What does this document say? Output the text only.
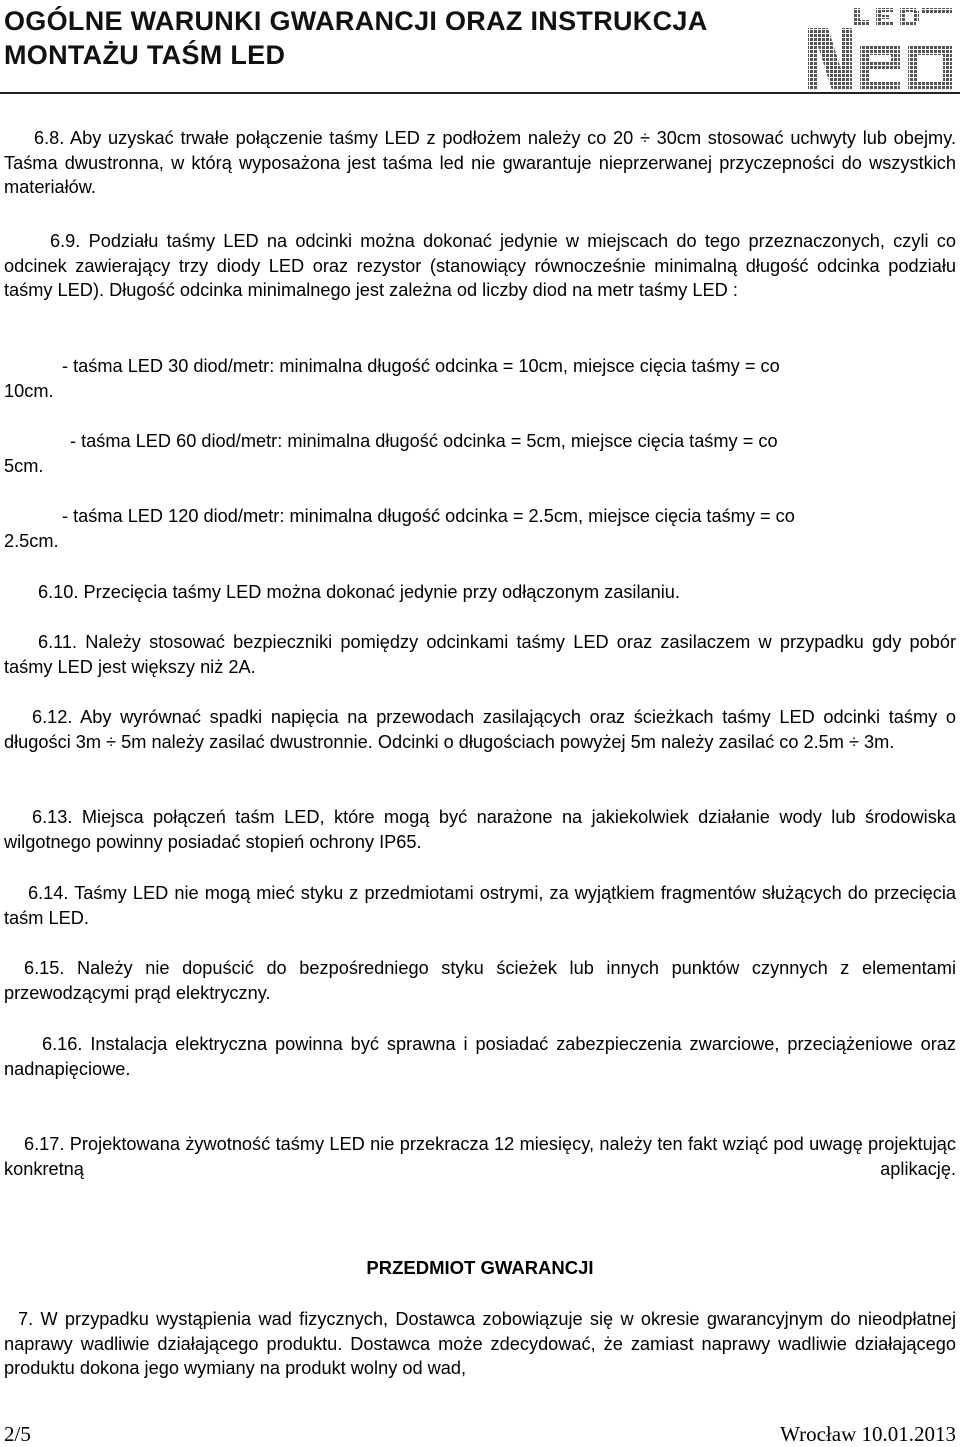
OGÓLNE WARUNKI GWARANCJI ORAZ INSTRUKCJA
MONTAŻU TAŚM LED
6.8. Aby uzyskać trwałe połączenie taśmy LED z podłożem należy co 20 ÷ 30cm stosować uchwyty lub obejmy. Taśma dwustronna, w którą wyposażona jest taśma led nie gwarantuje nieprzerwanej przyczepności do wszystkich materiałów.
6.9. Podziału taśmy LED na odcinki można dokonać jedynie w miejscach do tego przeznaczonych, czyli co odcinek zawierający trzy diody LED oraz rezystor (stanowiący równocześnie minimalną długość odcinka podziału taśmy LED). Długość odcinka minimalnego jest zależna od liczby diod na metr taśmy LED :
- taśma LED 30 diod/metr: minimalna długość odcinka = 10cm, miejsce cięcia taśmy = co
10cm.
- taśma LED 60 diod/metr: minimalna długość odcinka = 5cm, miejsce cięcia taśmy = co
5cm.
- taśma LED 120 diod/metr: minimalna długość odcinka = 2.5cm, miejsce cięcia taśmy = co
2.5cm.
6.10. Przecięcia taśmy LED można dokonać jedynie przy odłączonym zasilaniu.
6.11. Należy stosować bezpieczniki pomiędzy odcinkami taśmy LED oraz zasilaczem w przypadku gdy pobór taśmy LED jest większy niż 2A.
6.12. Aby wyrównać spadki napięcia na przewodach zasilających oraz ścieżkach taśmy LED odcinki taśmy o długości 3m ÷ 5m należy zasilać dwustronnie. Odcinki o długościach powyżej 5m należy zasilać co 2.5m ÷ 3m.
6.13. Miejsca połączeń taśm LED, które mogą być narażone na jakiekolwiek działanie wody lub środowiska wilgotnego powinny posiadać stopień ochrony IP65.
6.14. Taśmy LED nie mogą mieć styku z przedmiotami ostrymi, za wyjątkiem fragmentów służących do przecięcia taśm LED.
6.15. Należy nie dopuścić do bezpośredniego styku ścieżek lub innych punktów czynnych z elementami przewodzącymi prąd elektryczny.
6.16. Instalacja elektryczna powinna być sprawna i posiadać zabezpieczenia zwarciowe, przeciążeniowe oraz nadnapięciowe.
6.17. Projektowana żywotność taśmy LED nie przekracza 12 miesięcy, należy ten fakt wziąć pod uwagę projektując konkretną aplikację.
7. W przypadku wystąpienia wad fizycznych, Dostawca zobowiązuje się w okresie gwarancyjnym do nieodpłatnej naprawy wadliwie działającego produktu. Dostawca może zdecydować, że zamiast naprawy wadliwie działającego produktu dokona jego wymiany na produkt wolny od wad,
PRZEDMIOT GWARANCJI
2/5	Wrocław 10.01.2013
